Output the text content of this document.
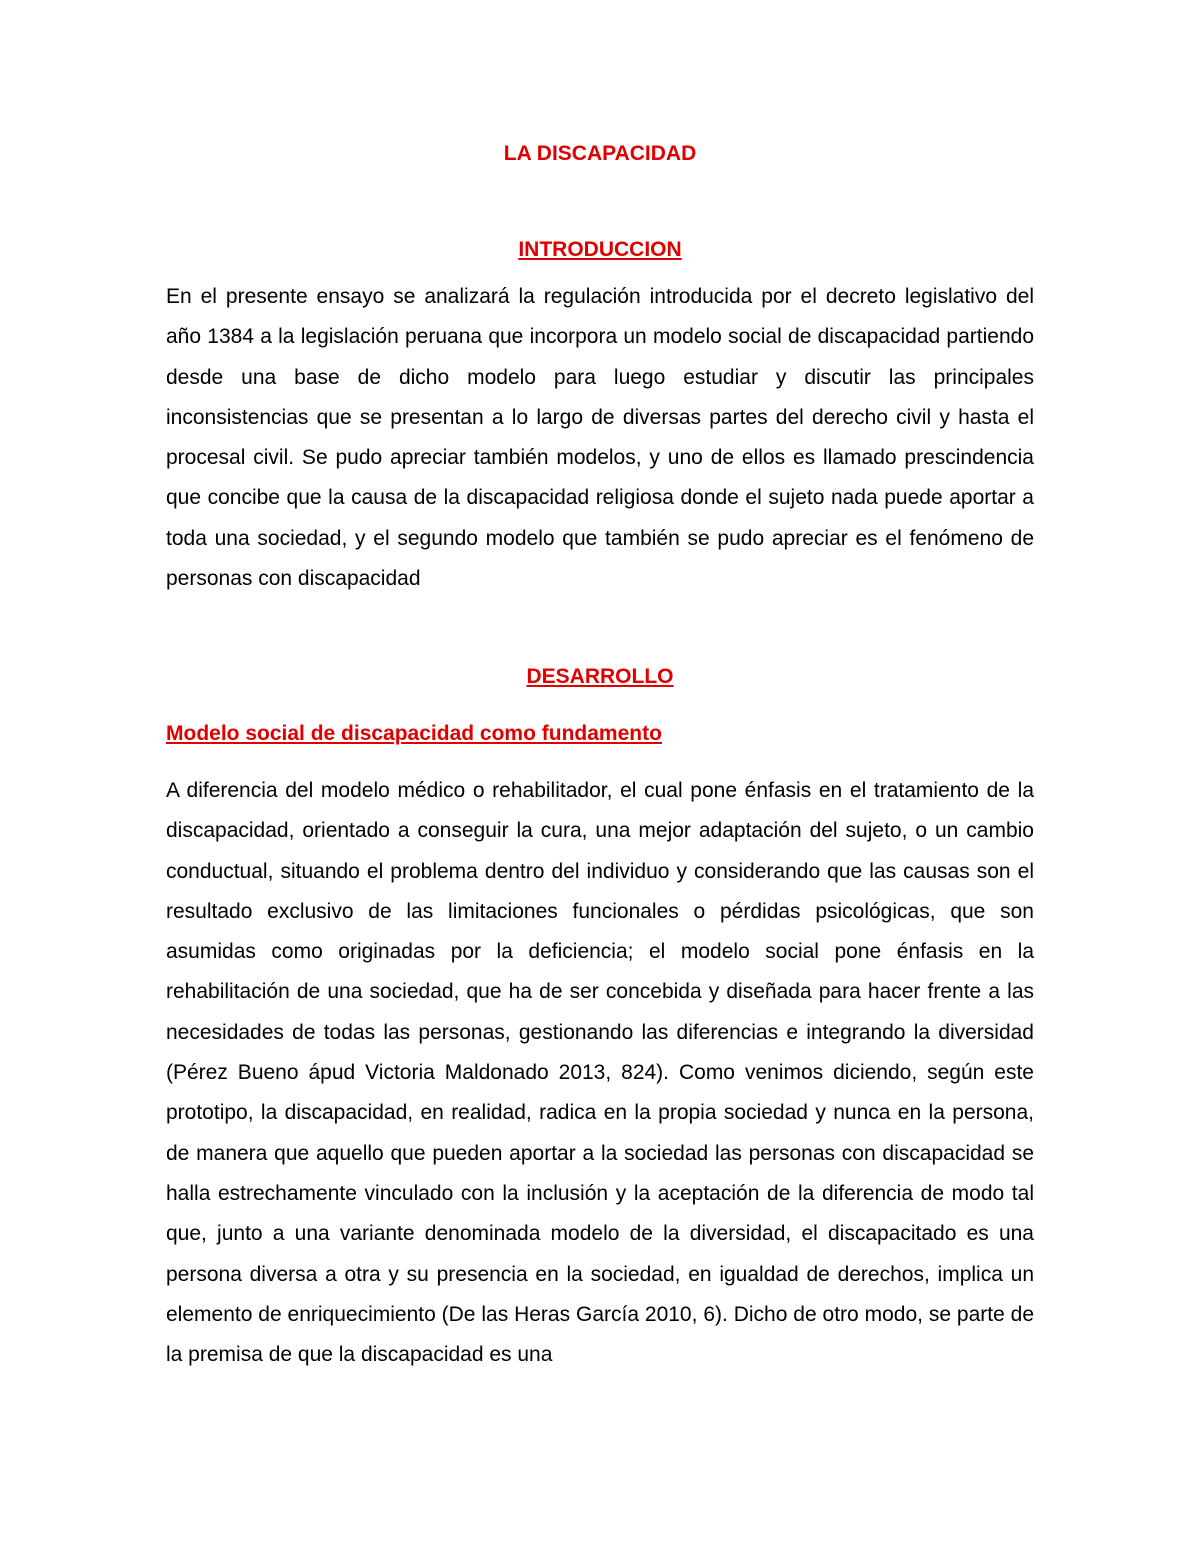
LA DISCAPACIDAD
INTRODUCCION

En el presente ensayo se analizará la regulación introducida por el decreto legislativo del año 1384 a la legislación peruana que incorpora un modelo social de discapacidad partiendo desde una base de dicho modelo para luego estudiar y discutir las principales inconsistencias que se presentan a lo largo de diversas partes del derecho civil y hasta el procesal civil. Se pudo apreciar también modelos, y uno de ellos es llamado prescindencia que concibe que la causa de la discapacidad religiosa donde el sujeto nada puede aportar a toda una sociedad, y el segundo modelo que también se pudo apreciar es el fenómeno de personas con discapacidad

DESARROLLO
Modelo social de discapacidad como fundamento

A diferencia del modelo médico o rehabilitador, el cual pone énfasis en el tratamiento de la discapacidad, orientado a conseguir la cura, una mejor adaptación del sujeto, o un cambio conductual, situando el problema dentro del individuo y considerando que las causas son el resultado exclusivo de las limitaciones funcionales o pérdidas psicológicas, que son asumidas como originadas por la deficiencia; el modelo social pone énfasis en la rehabilitación de una sociedad, que ha de ser concebida y diseñada para hacer frente a las necesidades de todas las personas, gestionando las diferencias e integrando la diversidad (Pérez Bueno ápud Victoria Maldonado 2013, 824). Como venimos diciendo, según este prototipo, la discapacidad, en realidad, radica en la propia sociedad y nunca en la persona, de manera que aquello que pueden aportar a la sociedad las personas con discapacidad se halla estrechamente vinculado con la inclusión y la aceptación de la diferencia de modo tal que, junto a una variante denominada modelo de la diversidad, el discapacitado es una persona diversa a otra y su presencia en la sociedad, en igualdad de derechos, implica un elemento de enriquecimiento (De las Heras García 2010, 6). Dicho de otro modo, se parte de la premisa de que la discapacidad es una
